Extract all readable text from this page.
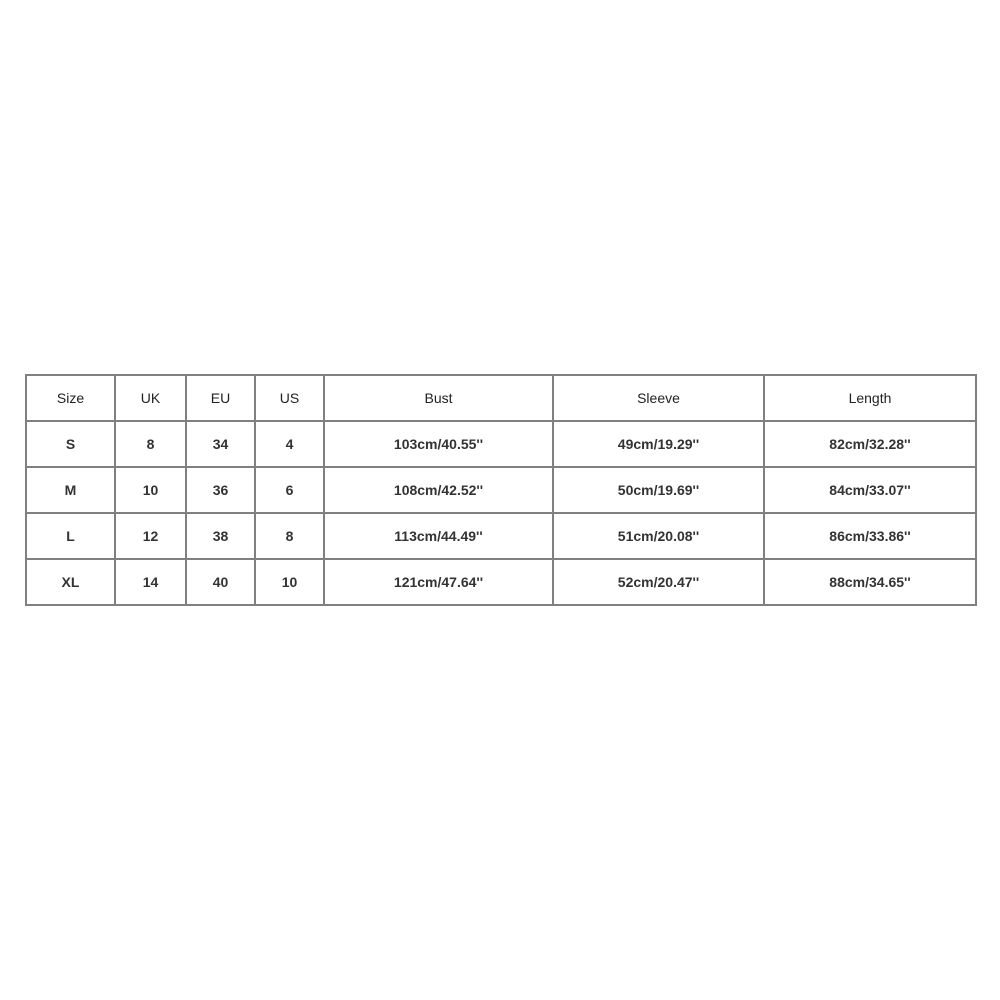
Size	UK	EU	US	Bust	Sleeve	Length
S	8	34	4	103cm/40.55''	49cm/19.29''	82cm/32.28''
M	10	36	6	108cm/42.52''	50cm/19.69''	84cm/33.07''
L	12	38	8	113cm/44.49''	51cm/20.08''	86cm/33.86''
XL	14	40	10	121cm/47.64''	52cm/20.47''	88cm/34.65''
